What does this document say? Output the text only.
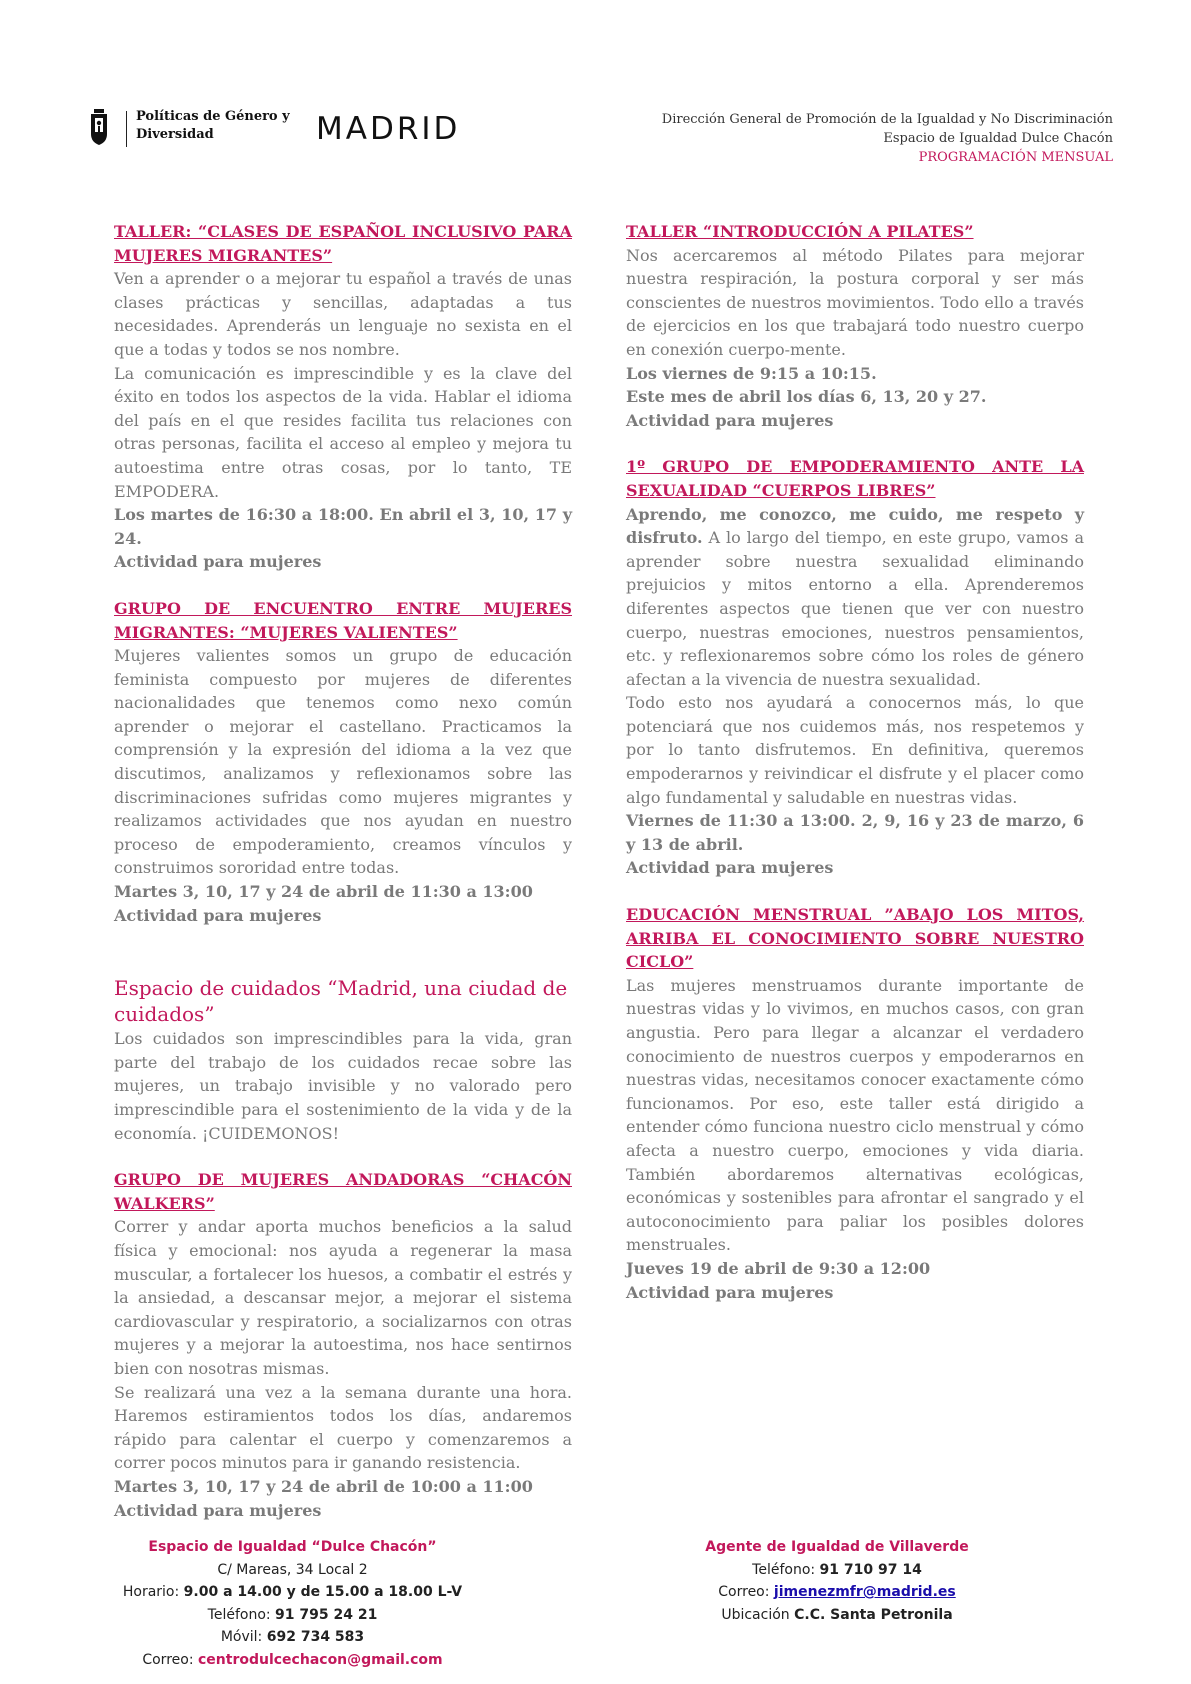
Políticas de Género y
Diversidad	MADRID	Dirección General de Promoción de la Igualdad y No Discriminación
Espacio de Igualdad Dulce Chacón
PROGRAMACIÓN MENSUAL

TALLER: “CLASES DE ESPAÑOL INCLUSIVO PARA MUJERES MIGRANTES”

Ven a aprender o a mejorar tu español a través de unas clases prácticas y sencillas, adaptadas a tus necesidades. Aprenderás un lenguaje no sexista en el que a todas y todos se nos nombre.

La comunicación es imprescindible y es la clave del éxito en todos los aspectos de la vida. Hablar el idioma del país en el que resides facilita tus relaciones con otras personas, facilita el acceso al empleo y mejora tu autoestima entre otras cosas, por lo tanto, TE EMPODERA.

Los martes de 16:30 a 18:00. En abril el 3, 10, 17 y 24.

Actividad para mujeres

GRUPO DE ENCUENTRO ENTRE MUJERES MIGRANTES: “MUJERES VALIENTES”

Mujeres valientes somos un grupo de educación feminista compuesto por mujeres de diferentes nacionalidades que tenemos como nexo común aprender o mejorar el castellano. Practicamos la comprensión y la expresión del idioma a la vez que discutimos, analizamos y reflexionamos sobre las discriminaciones sufridas como mujeres migrantes y realizamos actividades que nos ayudan en nuestro proceso de empoderamiento, creamos vínculos y construimos sororidad entre todas.

Martes 3, 10, 17 y 24 de abril de 11:30 a 13:00

Actividad para mujeres

Espacio de cuidados “Madrid, una ciudad de cuidados”

Los cuidados son imprescindibles para la vida, gran parte del trabajo de los cuidados recae sobre las mujeres, un trabajo invisible y no valorado pero imprescindible para el sostenimiento de la vida y de la economía. ¡CUIDEMONOS!

GRUPO DE MUJERES ANDADORAS “CHACÓN WALKERS”

Correr y andar aporta muchos beneficios a la salud física y emocional: nos ayuda a regenerar la masa muscular, a fortalecer los huesos, a combatir el estrés y la ansiedad, a descansar mejor, a mejorar el sistema cardiovascular y respiratorio, a socializarnos con otras mujeres y a mejorar la autoestima, nos hace sentirnos bien con nosotras mismas.

Se realizará una vez a la semana durante una hora. Haremos estiramientos todos los días, andaremos rápido para calentar el cuerpo y comenzaremos a correr pocos minutos para ir ganando resistencia.

Martes 3, 10, 17 y 24 de abril de 10:00 a 11:00

Actividad para mujeres

TALLER “INTRODUCCIÓN A PILATES”

Nos acercaremos al método Pilates para mejorar nuestra respiración, la postura corporal y ser más conscientes de nuestros movimientos. Todo ello a través de ejercicios en los que trabajará todo nuestro cuerpo en conexión cuerpo-mente.

Los viernes de 9:15 a 10:15.

Este mes de abril los días 6, 13, 20 y 27.

Actividad para mujeres

1º GRUPO DE EMPODERAMIENTO ANTE LA SEXUALIDAD “CUERPOS LIBRES”

Aprendo, me conozco, me cuido, me respeto y disfruto. A lo largo del tiempo, en este grupo, vamos a aprender sobre nuestra sexualidad eliminando prejuicios y mitos entorno a ella. Aprenderemos diferentes aspectos que tienen que ver con nuestro cuerpo, nuestras emociones, nuestros pensamientos, etc. y reflexionaremos sobre cómo los roles de género afectan a la vivencia de nuestra sexualidad.

Todo esto nos ayudará a conocernos más, lo que potenciará que nos cuidemos más, nos respetemos y por lo tanto disfrutemos. En definitiva, queremos empoderarnos y reivindicar el disfrute y el placer como algo fundamental y saludable en nuestras vidas.

Viernes de 11:30 a 13:00. 2, 9, 16 y 23 de marzo, 6 y 13 de abril.

Actividad para mujeres

EDUCACIÓN MENSTRUAL ”ABAJO LOS MITOS, ARRIBA EL CONOCIMIENTO SOBRE NUESTRO CICLO”

Las mujeres menstruamos durante importante de nuestras vidas y lo vivimos, en muchos casos, con gran angustia. Pero para llegar a alcanzar el verdadero conocimiento de nuestros cuerpos y empoderarnos en nuestras vidas, necesitamos conocer exactamente cómo funcionamos. Por eso, este taller está dirigido a entender cómo funciona nuestro ciclo menstrual y cómo afecta a nuestro cuerpo, emociones y vida diaria. También abordaremos alternativas ecológicas, económicas y sostenibles para afrontar el sangrado y el autoconocimiento para paliar los posibles dolores menstruales.

Jueves 19 de abril de 9:30 a 12:00

Actividad para mujeres

Espacio de Igualdad “Dulce Chacón”
C/ Mareas, 34 Local 2
Horario: 9.00 a 14.00 y de 15.00 a 18.00 L-V
Teléfono: 91 795 24 21
Móvil: 692 734 583
Correo: centrodulcechacon@gmail.com
Agente de Igualdad de Villaverde
Teléfono: 91 710 97 14
Correo: jimenezmfr@madrid.es
Ubicación C.C. Santa Petronila
